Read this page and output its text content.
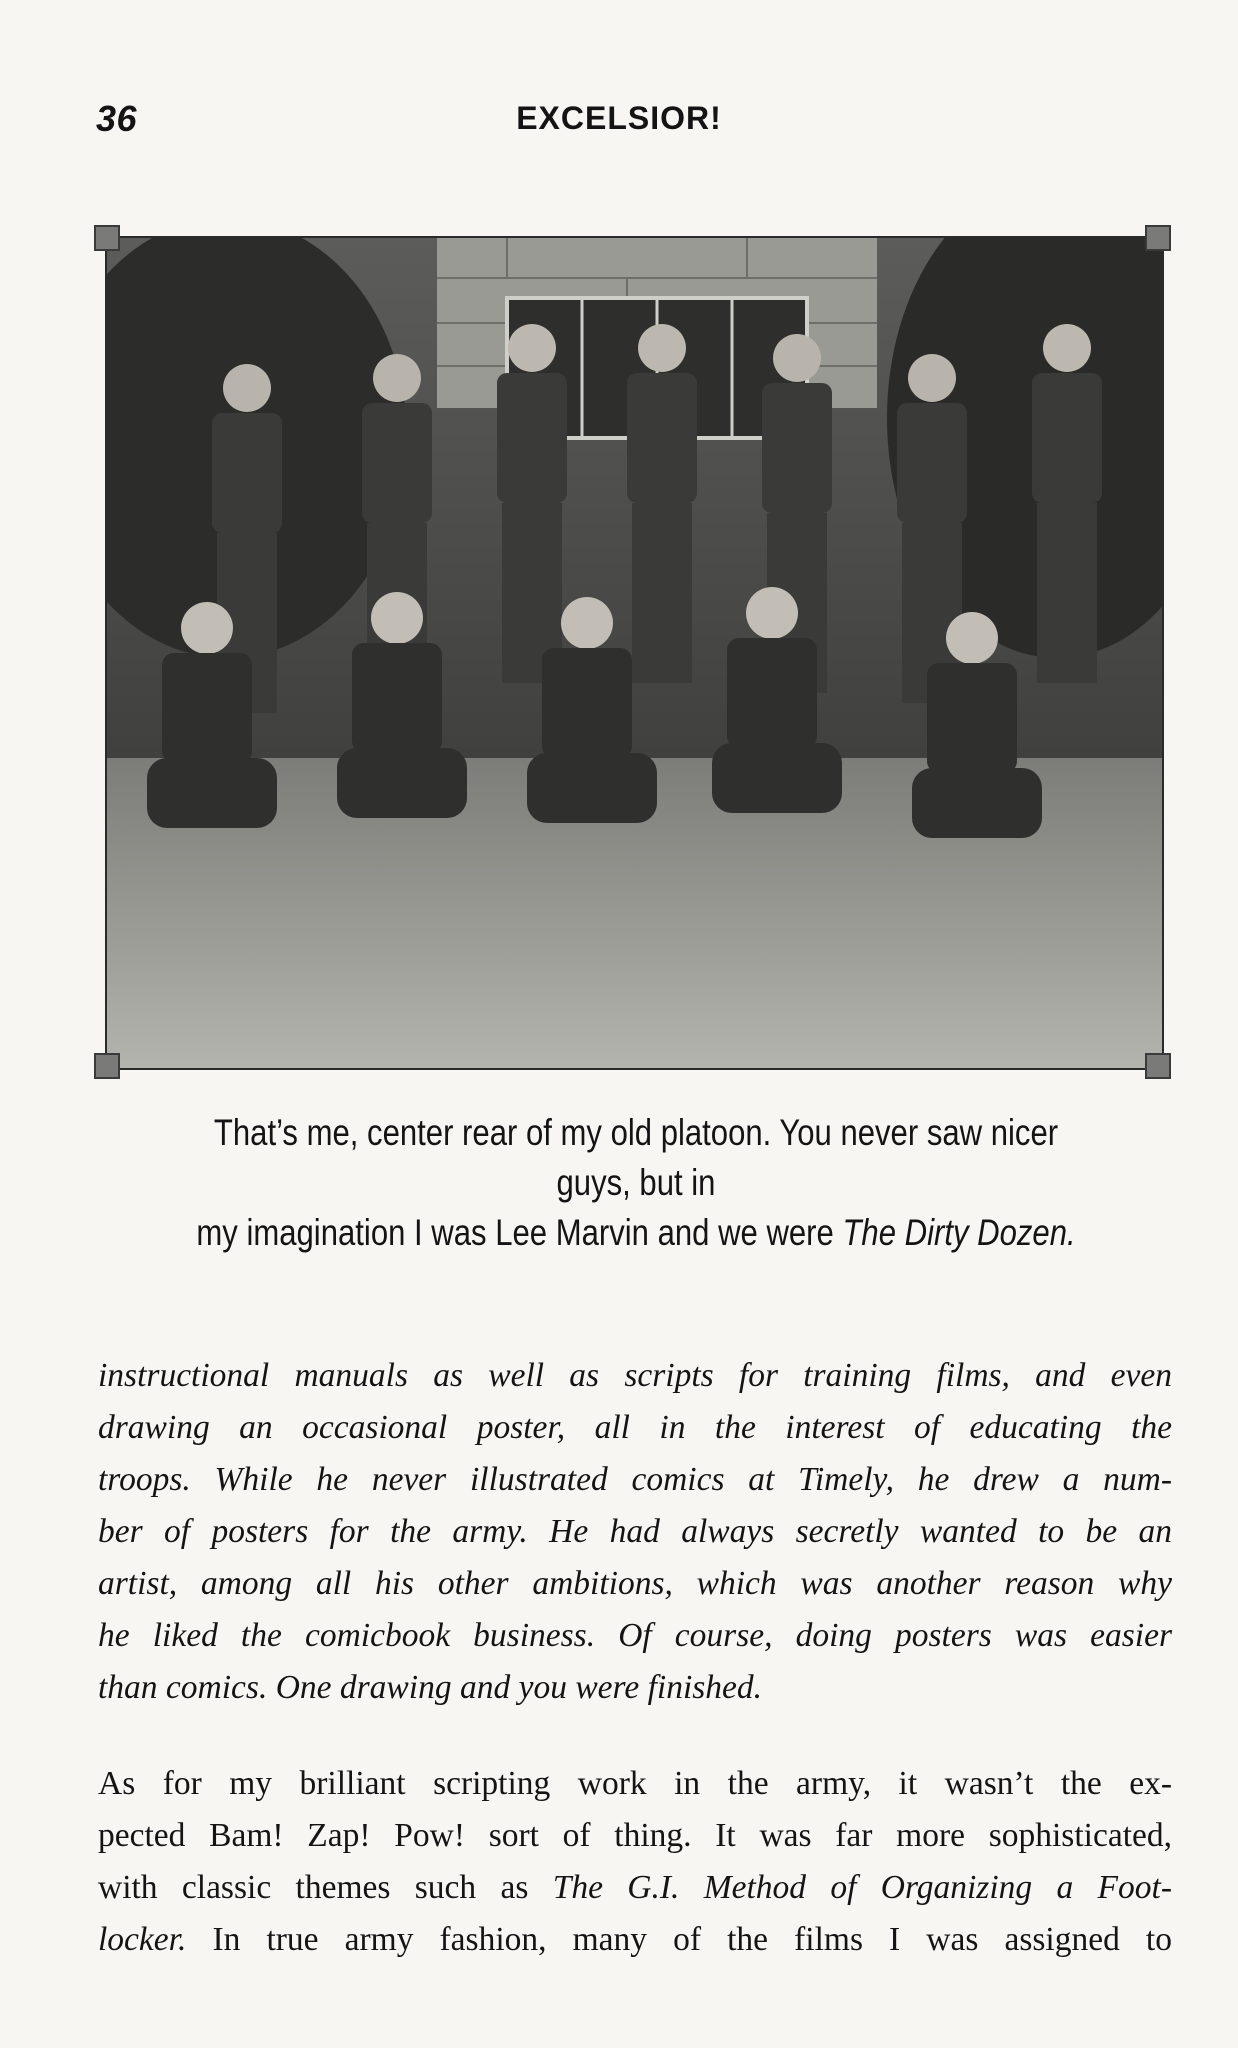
36	EXCELSIOR!
That’s me, center rear of my old platoon. You never saw nicer guys, but in
my imagination I was Lee Marvin and we were The Dirty Dozen.
instructional manuals as well as scripts for training films, and even
drawing an occasional poster, all in the interest of educating the
troops. While he never illustrated comics at Timely, he drew a num-
ber of posters for the army. He had always secretly wanted to be an
artist, among all his other ambitions, which was another reason why
he liked the comicbook business. Of course, doing posters was easier
than comics. One drawing and you were finished.
As for my brilliant scripting work in the army, it wasn’t the ex-
pected Bam! Zap! Pow! sort of thing. It was far more sophisticated,
with classic themes such as The G.I. Method of Organizing a Foot-
locker. In true army fashion, many of the films I was assigned to
